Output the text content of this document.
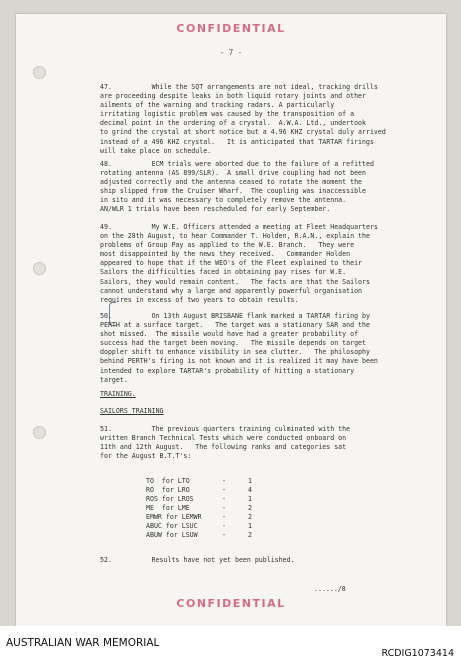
CONFIDENTIAL
- 7 -
47.          While the SQT arrangements are not ideal, tracking drills
are proceeding despite leaks in both liquid rotary joints and other
ailments of the warning and tracking radars. A particularly
irritating logistic problem was caused by the transposition of a
decimal point in the ordering of a crystal.  A.W.A. Ltd., undertook
to grind the crystal at short notice but a 4.96 KHZ crystal duly arrived
instead of a 496 KHZ crystal.   It is anticipated that TARTAR firings
will take place on schedule.
48.          ECM trials were aborted due to the failure of a refitted
rotating antenna (AS 899/SLR).  A small drive coupling had not been
adjusted correctly and the antenna ceased to rotate the moment the
ship slipped from the Cruiser Wharf.  The coupling was inaccessible
in situ and it was necessary to completely remove the antenna.
AN/WLR 1 trials have been rescheduled for early September.
49.          My W.E. Officers attended a meeting at Fleet Headquarters
on the 28th August, to hear Commander T. Holden, R.A.N., explain the
problems of Group Pay as applied to the W.E. Branch.   They were
most disappointed by the news they received.   Commander Holden
appeared to hope that if the WEO's of the Fleet explained to their
Sailors the difficulties faced in obtaining pay rises for W.E.
Sailors, they would remain content.   The facts are that the Sailors
cannot understand why a large and apparently powerful organisation
requires in excess of two years to obtain results.
50.          On 13th August BRISBANE flank marked a TARTAR firing by
PERTH at a surface target.   The target was a stationary SAR and the
shot missed.  The missile would have had a greater probability of
success had the target been moving.   The missile depends on target
doppler shift to enhance visibility in sea clutter.   The philosophy
behind PERTH's firing is not known and it is realized it may have been
intended to explore TARTAR's probability of hitting a stationary
target.
TRAINING.
SAILORS TRAINING
51.          The previous quarters training culminated with the
written Branch Technical Tests which were conducted onboard on
11th and 12th August.   The following ranks and categories sat
for the August B.T.T's:
TO  for LTO	-	1
RO  for LRO	-	4
ROS for LROS	-	1
ME  for LME	-	2
EMWR for LEMWR	-	2
ABUC for LSUC	-	1
ABUW for LSUW	-	2
52.          Results have not yet been published.
....../8
CONFIDENTIAL
AUSTRALIAN WAR MEMORIAL
RCDIG1073414
